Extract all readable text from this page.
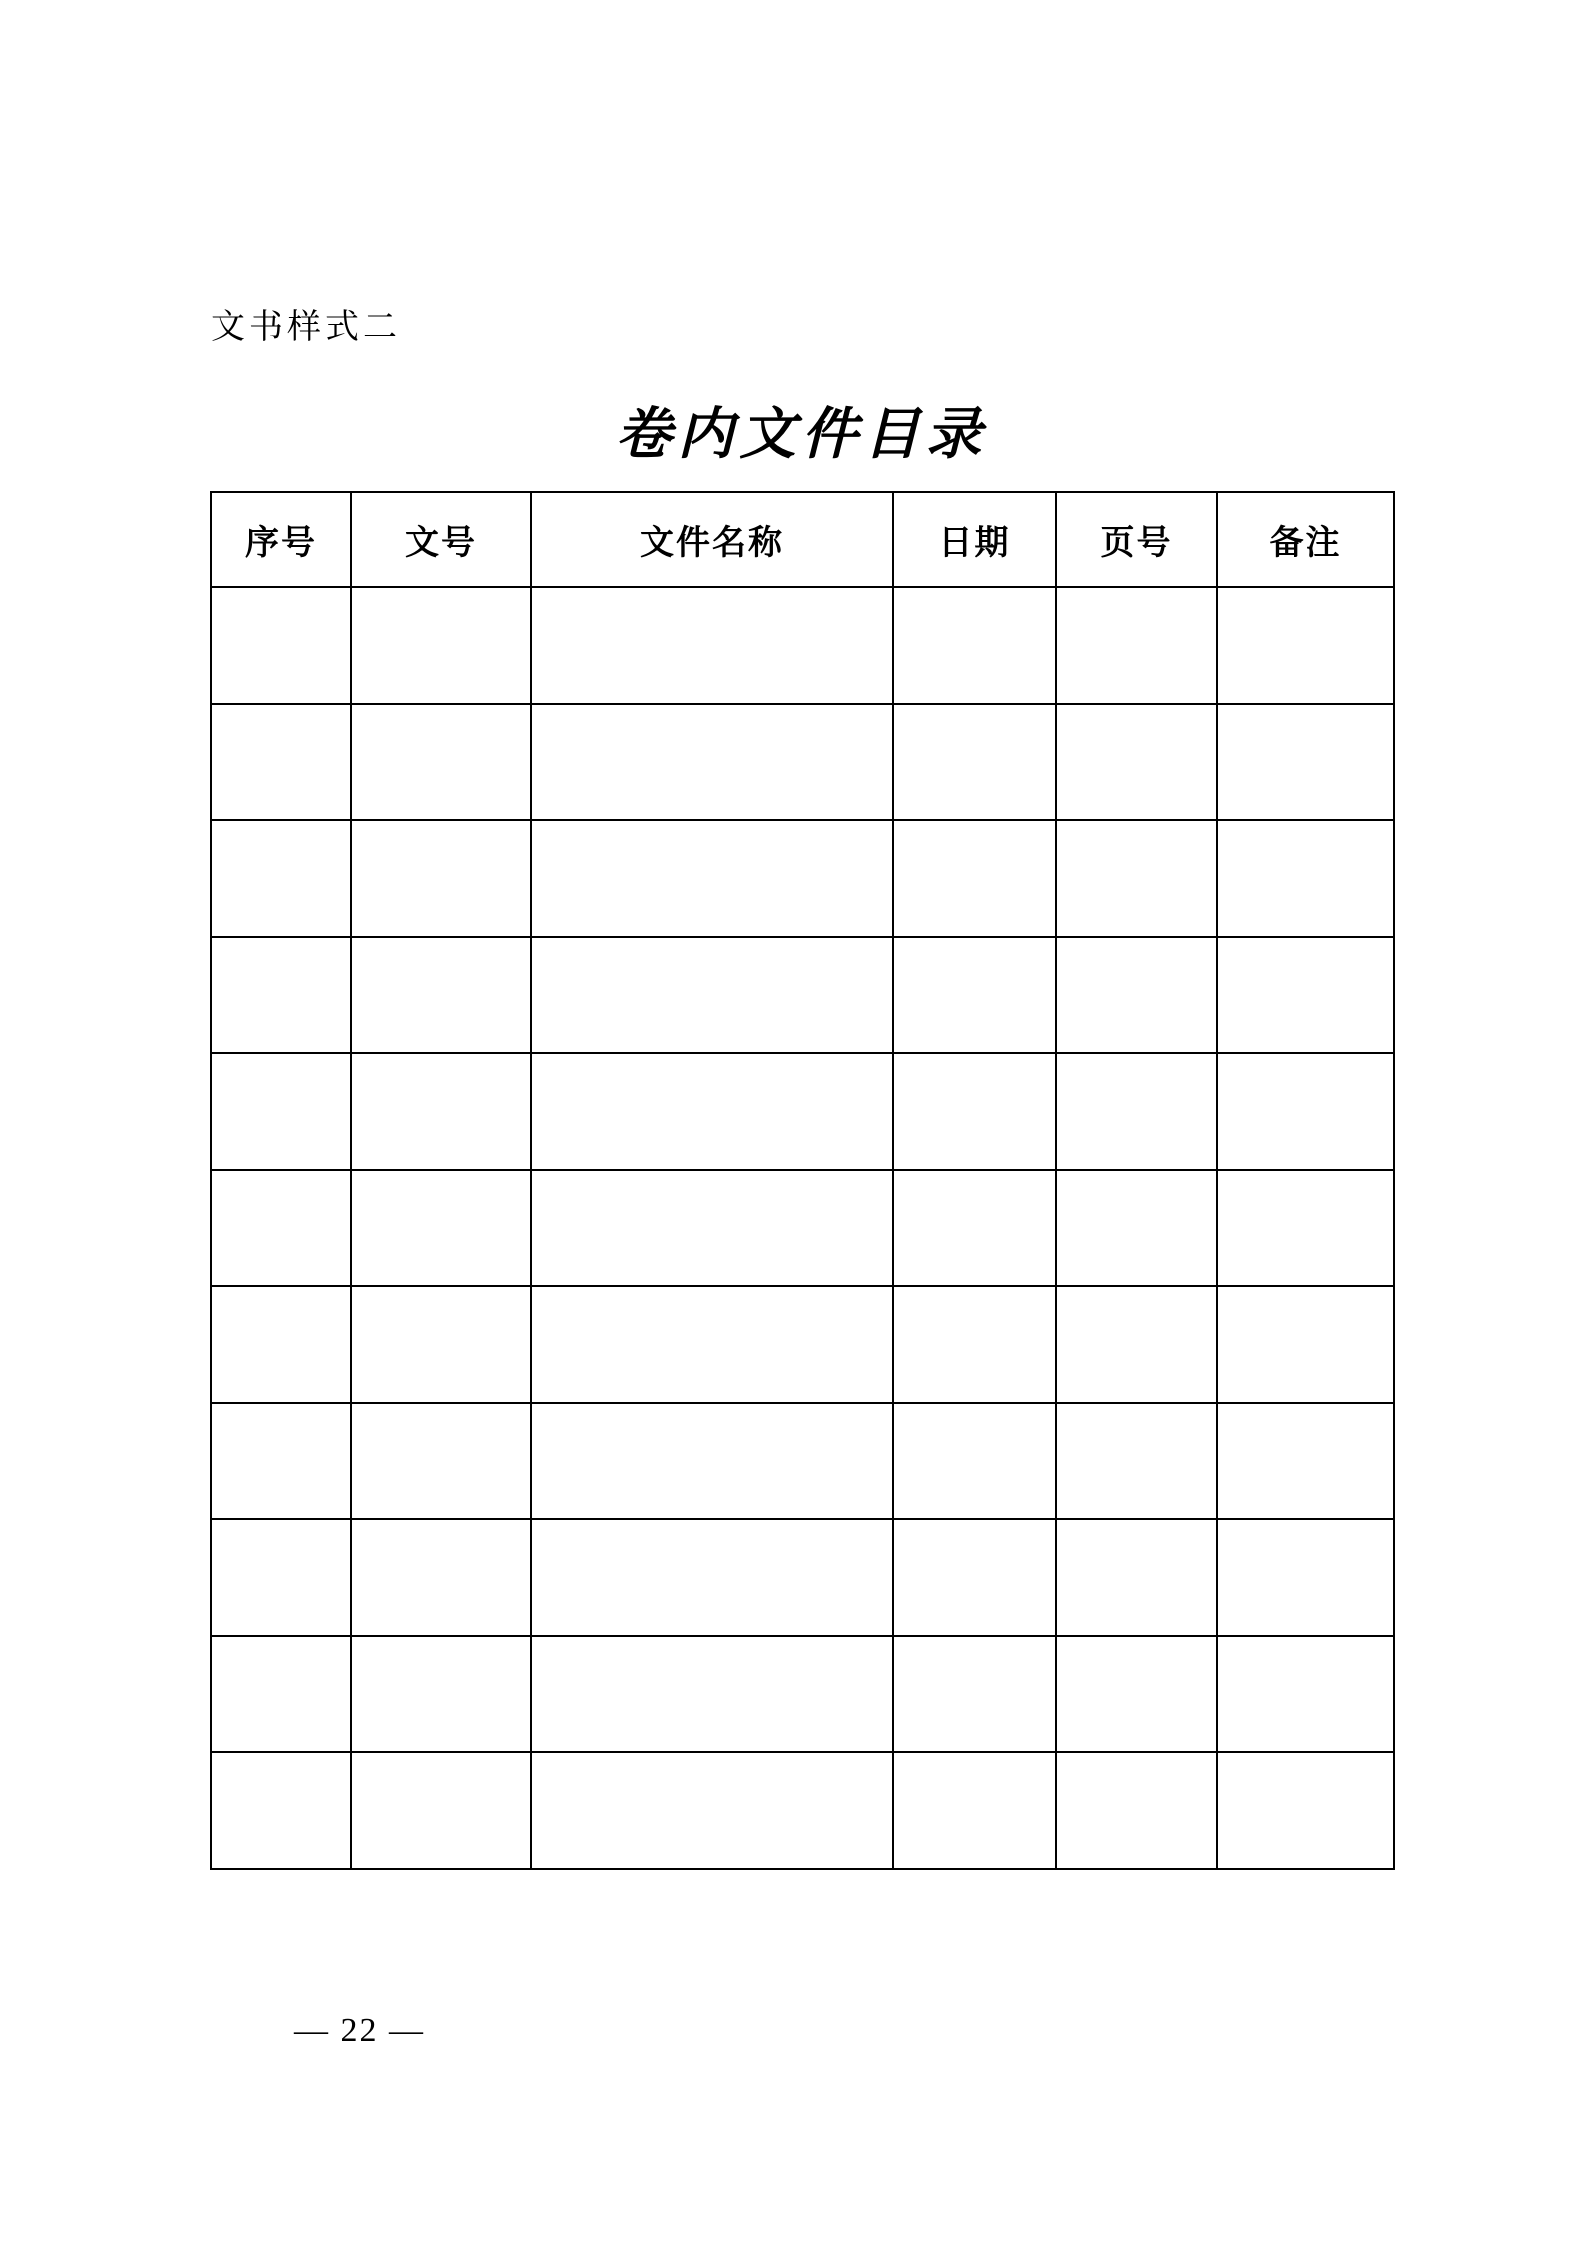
文书样式二
卷内文件目录
序号	文号	文件名称	日期	页号	备注

— 22 —
